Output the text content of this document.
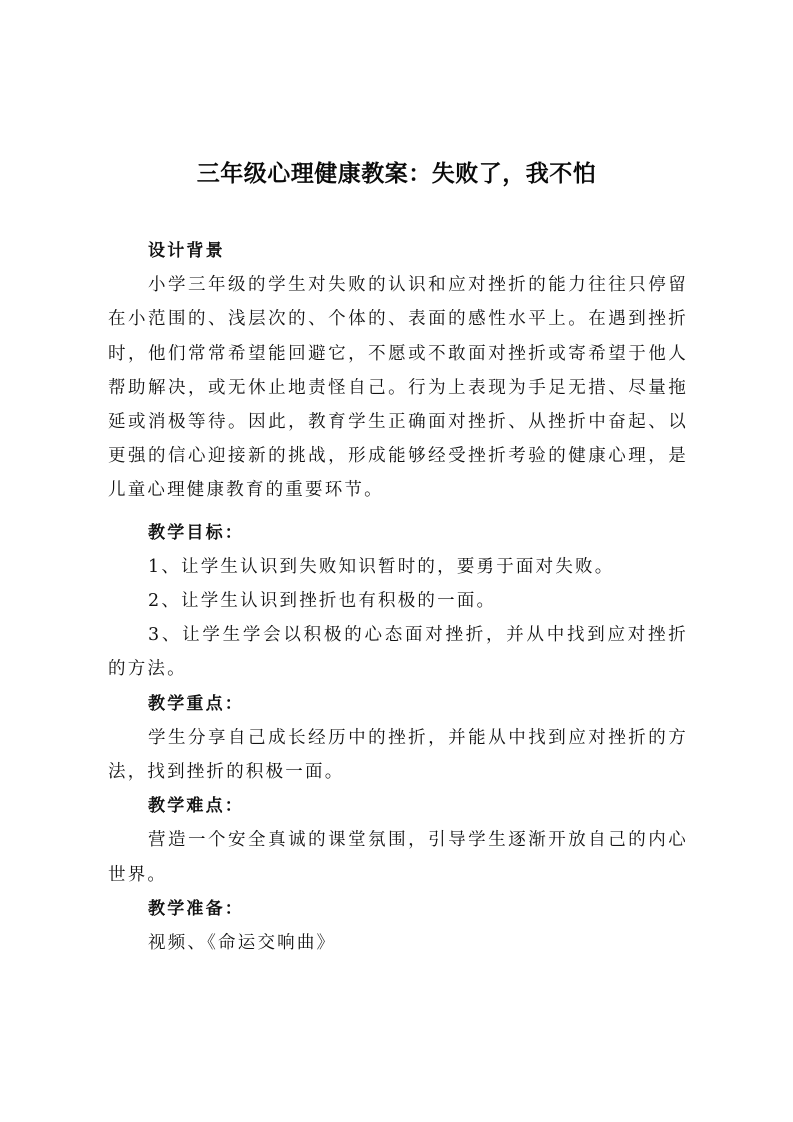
三年级心理健康教案：失败了，我不怕

设计背景

小学三年级的学生对失败的认识和应对挫折的能力往往只停留在小范围的、浅层次的、个体的、表面的感性水平上。在遇到挫折时，他们常常希望能回避它，不愿或不敢面对挫折或寄希望于他人帮助解决，或无休止地责怪自己。行为上表现为手足无措、尽量拖延或消极等待。因此，教育学生正确面对挫折、从挫折中奋起、以更强的信心迎接新的挑战，形成能够经受挫折考验的健康心理，是儿童心理健康教育的重要环节。

教学目标：

1、让学生认识到失败知识暂时的，要勇于面对失败。

2、让学生认识到挫折也有积极的一面。

3、让学生学会以积极的心态面对挫折，并从中找到应对挫折的方法。

教学重点：

学生分享自己成长经历中的挫折，并能从中找到应对挫折的方法，找到挫折的积极一面。

教学难点：

营造一个安全真诚的课堂氛围，引导学生逐渐开放自己的内心世界。

教学准备：

视频、《命运交响曲》
